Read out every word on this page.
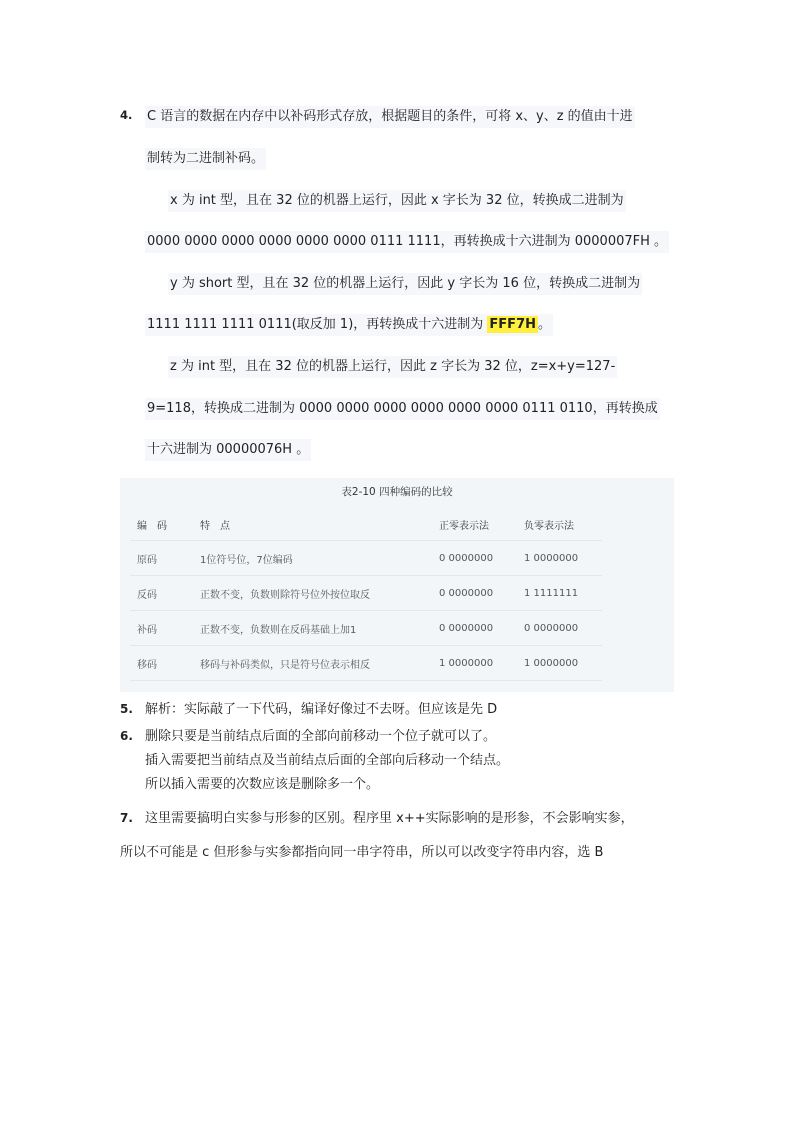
4. C 语言的数据在内存中以补码形式存放，根据题目的条件，可将 x、y、z 的值由十进
制转为二进制补码。
x 为 int 型，且在 32 位的机器上运行，因此 x 字长为 32 位，转换成二进制为
0000 0000 0000 0000 0000 0000 0111 1111，再转换成十六进制为 0000007FH 。
y 为 short 型，且在 32 位的机器上运行，因此 y 字长为 16 位，转换成二进制为
1111 1111 1111 0111(取反加 1)，再转换成十六进制为 FFF7H 。
z 为 int 型，且在 32 位的机器上运行，因此 z 字长为 32 位，z=x+y=127-
9=118，转换成二进制为 0000 0000 0000 0000 0000 0000 0111 0110，再转换成
十六进制为 00000076H 。
表2-10 四种编码的比较
编　码	特　点	正零表示法	负零表示法
原码	1位符号位，7位编码	0 0000000	1 0000000
反码	正数不变，负数则除符号位外按位取反	0 0000000	1 1111111
补码	正数不变，负数则在反码基础上加1	0 0000000	0 0000000
移码	移码与补码类似，只是符号位表示相反	1 0000000	1 0000000
5. 解析：实际敲了一下代码，编译好像过不去呀。但应该是先 D
6. 删除只要是当前结点后面的全部向前移动一个位子就可以了。
插入需要把当前结点及当前结点后面的全部向后移动一个结点。
所以插入需要的次数应该是删除多一个。
7. 这里需要搞明白实参与形参的区别。程序里 x++实际影响的是形参，不会影响实参，
所以不可能是 c 但形参与实参都指向同一串字符串，所以可以改变字符串内容，选 B
